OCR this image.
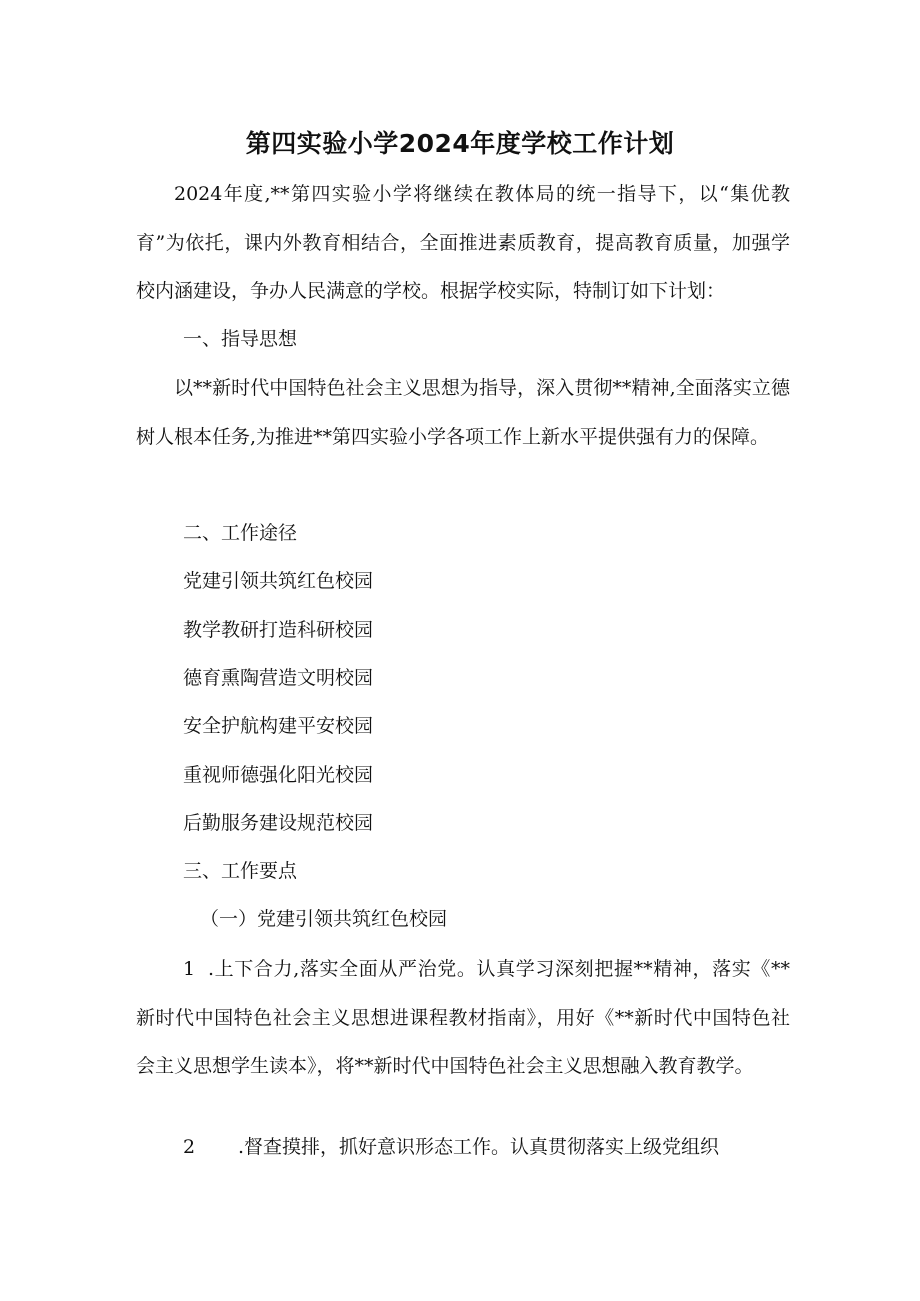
第四实验小学2024年度学校工作计划

2024年度,**第四实验小学将继续在教体局的统一指导下，以“集优教育”为依托，课内外教育相结合，全面推进素质教育，提高教育质量，加强学校内涵建设，争办人民满意的学校。根据学校实际，特制订如下计划：

一、指导思想

以**新时代中国特色社会主义思想为指导，深入贯彻**精神,全面落实立德树人根本任务,为推进**第四实验小学各项工作上新水平提供强有力的保障。

二、工作途径
党建引领共筑红色校园
教学教研打造科研校园
德育熏陶营造文明校园
安全护航构建平安校园
重视师德强化阳光校园
后勤服务建设规范校园
三、工作要点
（一）党建引领共筑红色校园
1 .上下合力,落实全面从严治党。认真学习深刻把握**精神，落实《**新时代中国特色社会主义思想进课程教材指南》，用好《**新时代中国特色社会主义思想学生读本》，将**新时代中国特色社会主义思想融入教育教学。

2 .督查摸排，抓好意识形态工作。认真贯彻落实上级党组织
